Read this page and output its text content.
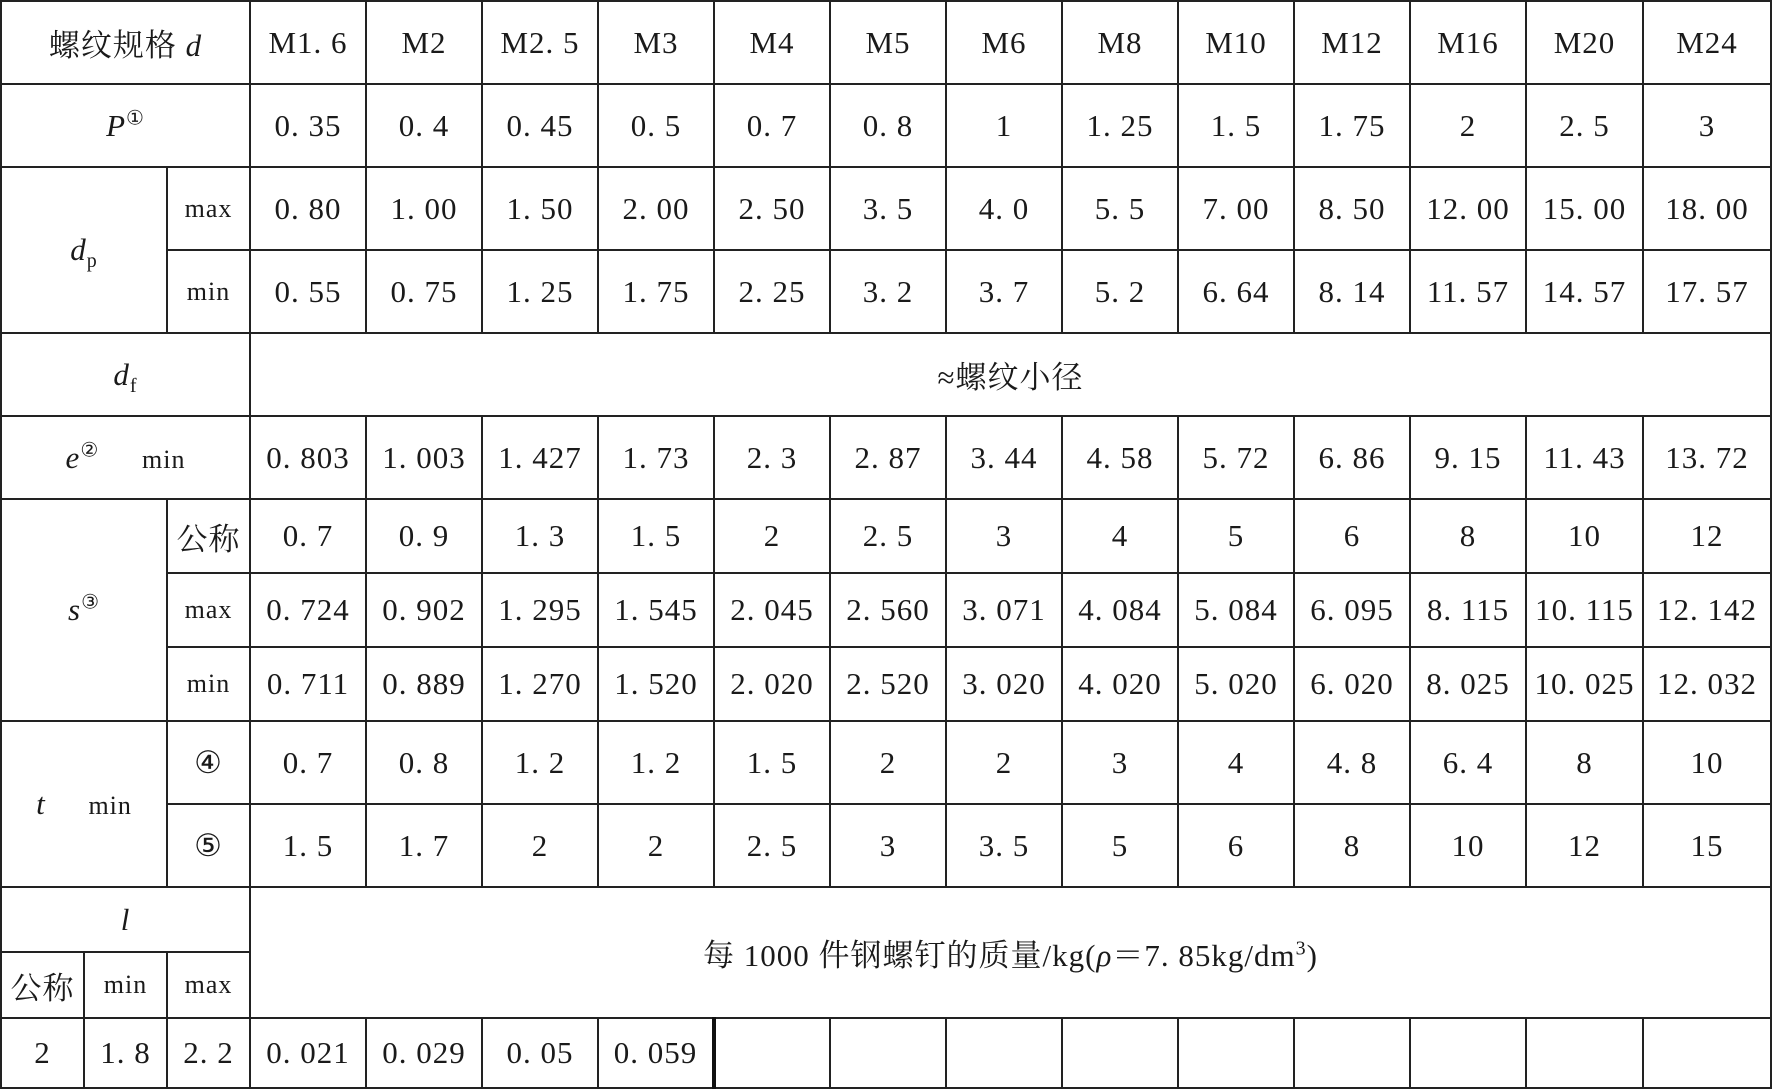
螺纹规格 d			M1. 6	M2	M2. 5	M3	M4	M5	M6	M8	M10	M12	M16	M20	M24
P①			0. 35	0. 4	0. 45	0. 5	0. 7	0. 8	1	1. 25	1. 5	1. 75	2	2. 5	3
$d_p$		max	0. 80	1. 00	1. 50	2. 00	2. 50	3. 5	4. 0	5. 5	7. 00	8. 50	12. 00	15. 00	18. 00
		min	0. 55	0. 75	1. 25	1. 75	2. 25	3. 2	3. 7	5. 2	6. 64	8. 14	11. 57	14. 57	17. 57
$d_f$			≈螺纹小径												
e② min			0. 803	1. 003	1. 427	1. 73	2. 3	2. 87	3. 44	4. 58	5. 72	6. 86	9. 15	11. 43	13. 72
s③		公称	0. 7	0. 9	1. 3	1. 5	2	2. 5	3	4	5	6	8	10	12
		max	0. 724	0. 902	1. 295	1. 545	2. 045	2. 560	3. 071	4. 084	5. 084	6. 095	8. 115	10. 115	12. 142
		min	0. 711	0. 889	1. 270	1. 520	2. 020	2. 520	3. 020	4. 020	5. 020	6. 020	8. 025	10. 025	12. 032
t min		④	0. 7	0. 8	1. 2	1. 2	1. 5	2	2	3	4	4. 8	6. 4	8	10
		⑤	1. 5	1. 7	2	2	2. 5	3	3. 5	5	6	8	10	12	15
l			每 1000 件钢螺钉的质量/kg(ρ＝7. $85kg/dm^3$)												
公称	min	max													
2	1. 8	2. 2	0. 021	0. 029	0. 05	0. 059									
